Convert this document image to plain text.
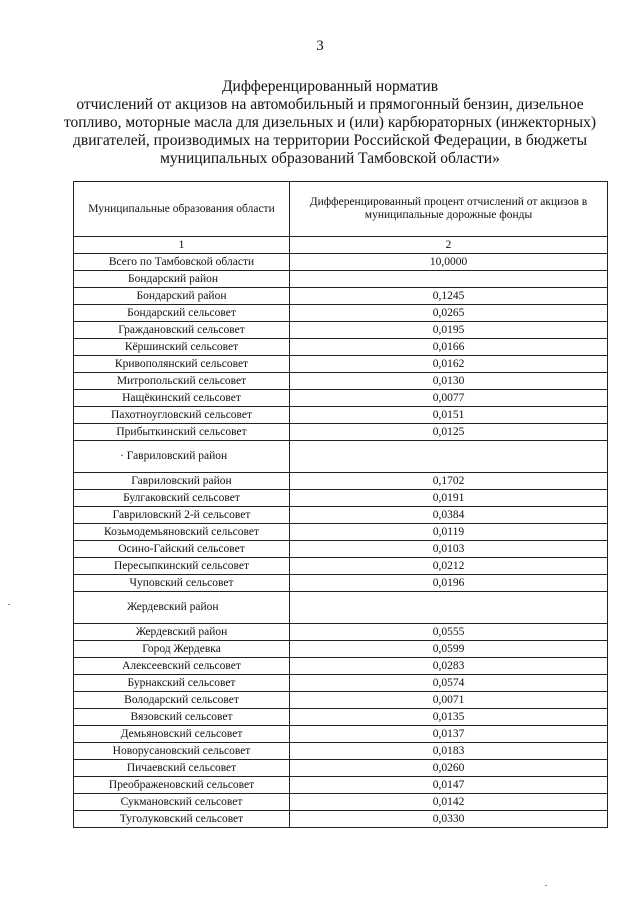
3
Дифференцированный норматив
отчислений от акцизов на автомобильный и прямогонный бензин, дизельное
топливо, моторные масла для дизельных и (или) карбюраторных (инжекторных)
двигателей, производимых на территории Российской Федерации, в бюджеты
муниципальных образований Тамбовской области»
Муниципальные образования области	Дифференцированный процент отчислений от акцизов в муниципальные дорожные фонды
1	2
Всего по Тамбовской области	10,0000
Бондарский район	
Бондарский район	0,1245
Бондарский сельсовет	0,0265
Граждановский сельсовет	0,0195
Кёршинский сельсовет	0,0166
Кривополянский сельсовет	0,0162
Митропольский сельсовет	0,0130
Нащёкинский сельсовет	0,0077
Пахотноугловский сельсовет	0,0151
Прибыткинский сельсовет	0,0125
· Гавриловский район	
Гавриловский район	0,1702
Булгаковский сельсовет	0,0191
Гавриловский 2-й сельсовет	0,0384
Козьмодемьяновский сельсовет	0,0119
Осино-Гайский сельсовет	0,0103
Пересыпкинский сельсовет	0,0212
Чуповский сельсовет	0,0196
Жердевский район	
Жердевский район	0,0555
Город Жердевка	0,0599
Алексеевский сельсовет	0,0283
Бурнакский сельсовет	0,0574
Володарский сельсовет	0,0071
Вязовский сельсовет	0,0135
Демьяновский сельсовет	0,0137
Новорусановский сельсовет	0,0183
Пичаевский сельсовет	0,0260
Преображеновский сельсовет	0,0147
Сукмановский сельсовет	0,0142
Туголуковский сельсовет	0,0330
